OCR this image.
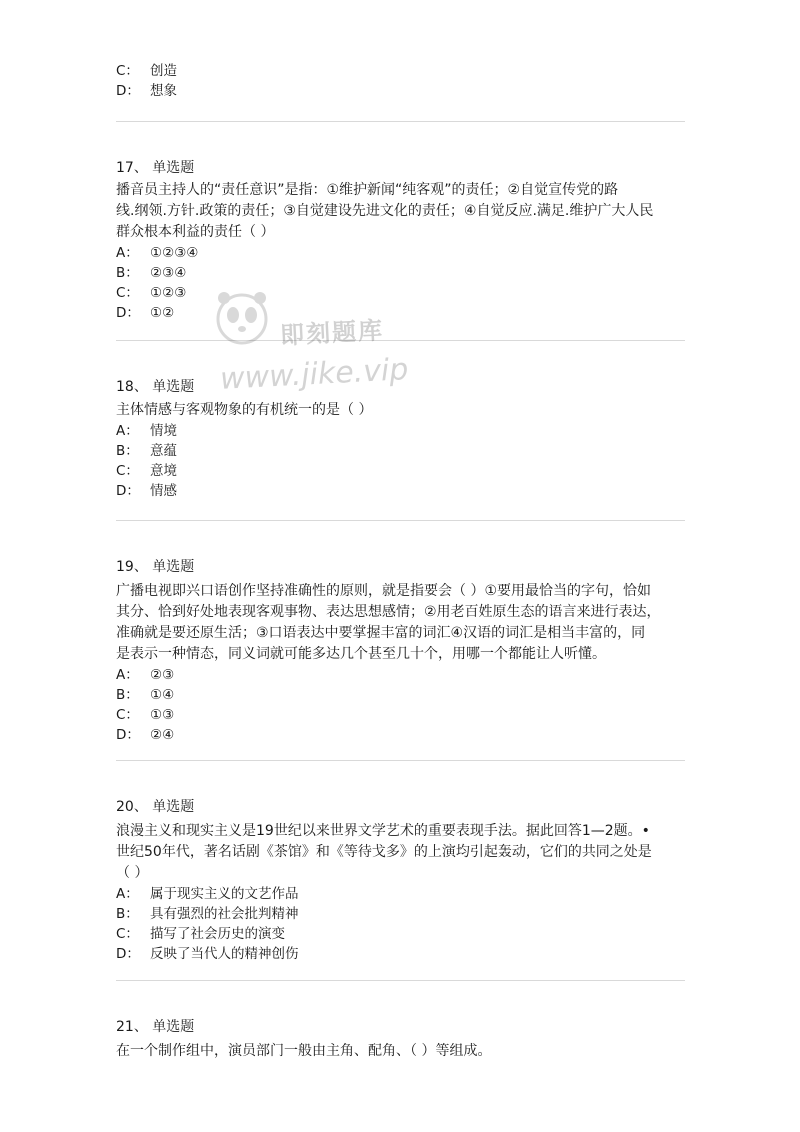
C： 创造
D： 想象
17、 单选题
播音员主持人的“责任意识”是指：①维护新闻“纯客观”的责任；②自觉宣传党的路
线.纲领.方针.政策的责任；③自觉建设先进文化的责任；④自觉反应.满足.维护广大人民
群众根本利益的责任（ ）
A： ①②③④
B： ②③④
C： ①②③
D： ①②
18、 单选题
主体情感与客观物象的有机统一的是（ ）
A： 情境
B： 意蕴
C： 意境
D： 情感
19、 单选题
广播电视即兴口语创作坚持准确性的原则，就是指要会（ ）①要用最恰当的字句，恰如
其分、恰到好处地表现客观事物、表达思想感情；②用老百姓原生态的语言来进行表达，
准确就是要还原生活；③口语表达中要掌握丰富的词汇④汉语的词汇是相当丰富的，同
是表示一种情态，同义词就可能多达几个甚至几十个，用哪一个都能让人听懂。
A： ②③
B： ①④
C： ①③
D： ②④
20、 单选题
浪漫主义和现实主义是19世纪以来世界文学艺术的重要表现手法。据此回答1—2题。•
世纪50年代，著名话剧《茶馆》和《等待戈多》的上演均引起轰动，它们的共同之处是
（ ）
A： 属于现实主义的文艺作品
B： 具有强烈的社会批判精神
C： 描写了社会历史的演变
D： 反映了当代人的精神创伤
21、 单选题
在一个制作组中，演员部门一般由主角、配角、（ ）等组成。
即刻题库
www.jike.vip
